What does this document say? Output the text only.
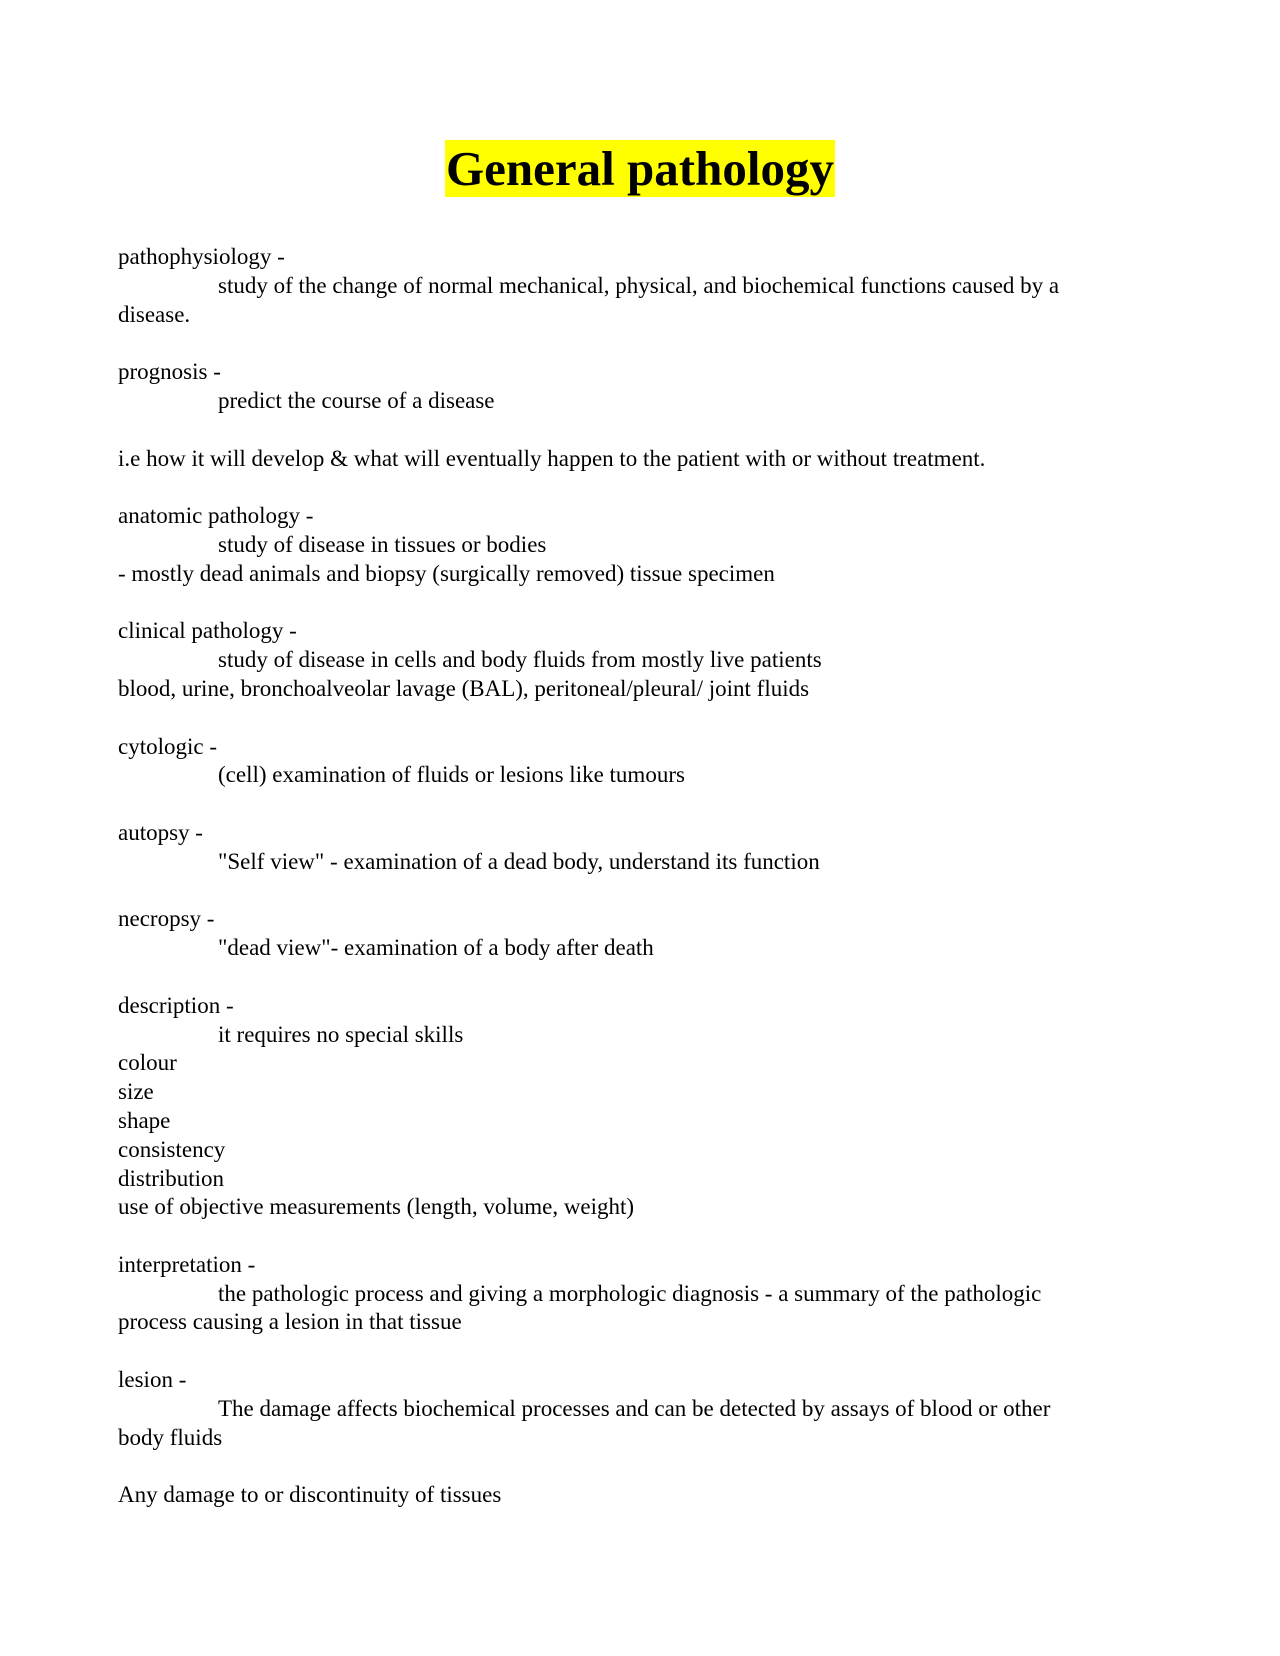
General pathology
pathophysiology -
study of the change of normal mechanical, physical, and biochemical functions caused by a
disease.
prognosis -
predict the course of a disease
i.e how it will develop & what will eventually happen to the patient with or without treatment.
anatomic pathology -
study of disease in tissues or bodies
- mostly dead animals and biopsy (surgically removed) tissue specimen
clinical pathology -
study of disease in cells and body fluids from mostly live patients
blood, urine, bronchoalveolar lavage (BAL), peritoneal/pleural/ joint fluids
cytologic -
(cell) examination of fluids or lesions like tumours
autopsy -
"Self view" - examination of a dead body, understand its function
necropsy -
"dead view"- examination of a body after death
description -
it requires no special skills
colour
size
shape
consistency
distribution
use of objective measurements (length, volume, weight)
interpretation -
the pathologic process and giving a morphologic diagnosis - a summary of the pathologic
process causing a lesion in that tissue
lesion -
The damage affects biochemical processes and can be detected by assays of blood or other
body fluids
Any damage to or discontinuity of tissues
